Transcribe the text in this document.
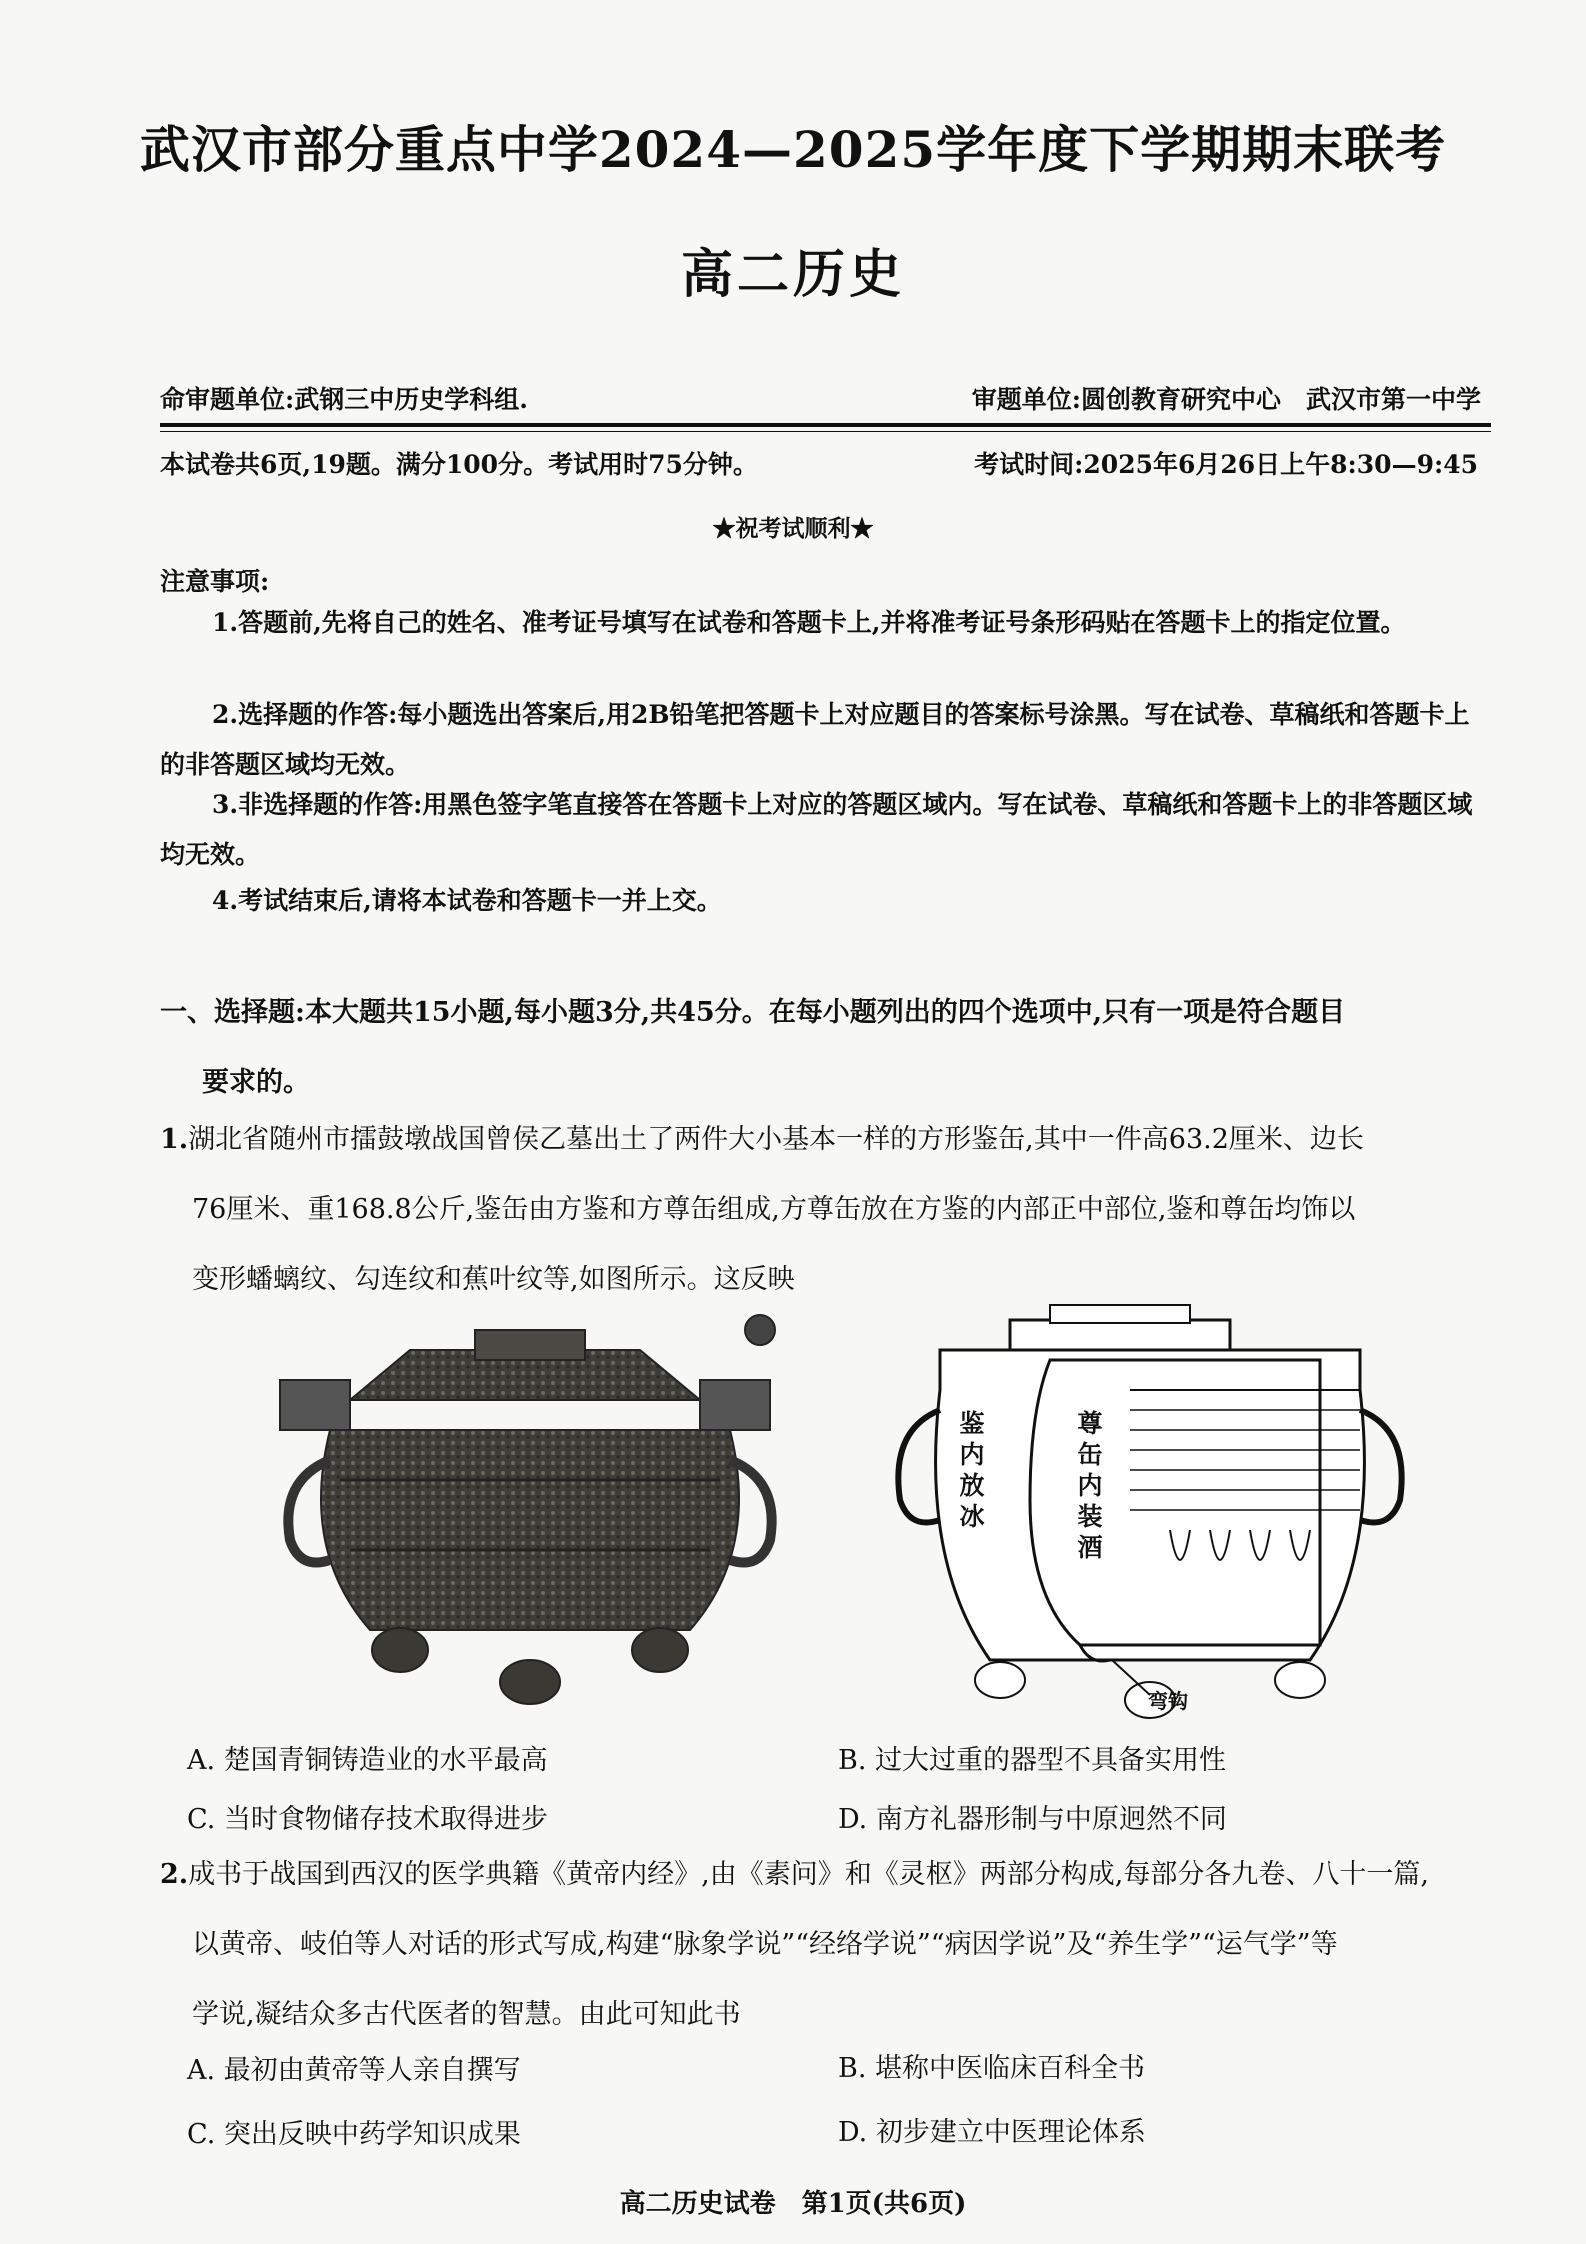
武汉市部分重点中学2024—2025学年度下学期期末联考
高二历史
命审题单位:武钢三中历史学科组.	审题单位:圆创教育研究中心　武汉市第一中学
本试卷共6页,19题。满分100分。考试用时75分钟。	考试时间:2025年6月26日上午8:30—9:45
★祝考试顺利★
注意事项:
1.答题前,先将自己的姓名、准考证号填写在试卷和答题卡上,并将准考证号条形码贴在答题卡上的指定位置。
2.选择题的作答:每小题选出答案后,用2B铅笔把答题卡上对应题目的答案标号涂黑。写在试卷、草稿纸和答题卡上的非答题区域均无效。
3.非选择题的作答:用黑色签字笔直接答在答题卡上对应的答题区域内。写在试卷、草稿纸和答题卡上的非答题区域均无效。
4.考试结束后,请将本试卷和答题卡一并上交。
一、选择题:本大题共15小题,每小题3分,共45分。在每小题列出的四个选项中,只有一项是符合题目
要求的。
1.湖北省随州市擂鼓墩战国曾侯乙墓出土了两件大小基本一样的方形鉴缶,其中一件高63.2厘米、边长
76厘米、重168.8公斤,鉴缶由方鉴和方尊缶组成,方尊缶放在方鉴的内部正中部位,鉴和尊缶均饰以
变形蟠螭纹、勾连纹和蕉叶纹等,如图所示。这反映
鉴内放冰	尊缶内装酒
弯钩
A. 楚国青铜铸造业的水平最高	B. 过大过重的器型不具备实用性
C. 当时食物储存技术取得进步	D. 南方礼器形制与中原迥然不同
2.成书于战国到西汉的医学典籍《黄帝内经》,由《素问》和《灵枢》两部分构成,每部分各九卷、八十一篇,
以黄帝、岐伯等人对话的形式写成,构建“脉象学说”“经络学说”“病因学说”及“养生学”“运气学”等
学说,凝结众多古代医者的智慧。由此可知此书
A. 最初由黄帝等人亲自撰写	B. 堪称中医临床百科全书
C. 突出反映中药学知识成果	D. 初步建立中医理论体系
高二历史试卷　第1页(共6页)
